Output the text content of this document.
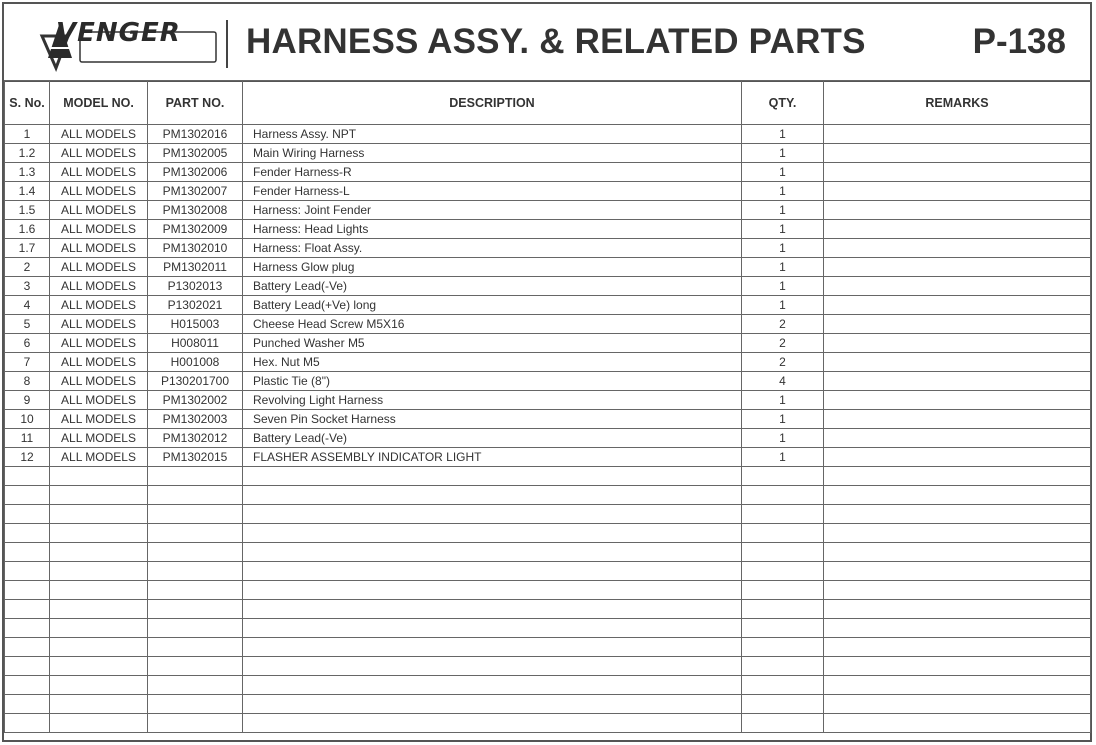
VENGER HARNESS ASSY. & RELATED PARTS	P-138
S. No.	MODEL NO.	PART NO.	DESCRIPTION	QTY.	REMARKS
1	ALL MODELS	PM1302016	Harness Assy. NPT	1	
1.2	ALL MODELS	PM1302005	Main Wiring Harness	1	
1.3	ALL MODELS	PM1302006	Fender Harness-R	1	
1.4	ALL MODELS	PM1302007	Fender Harness-L	1	
1.5	ALL MODELS	PM1302008	Harness: Joint Fender	1	
1.6	ALL MODELS	PM1302009	Harness: Head Lights	1	
1.7	ALL MODELS	PM1302010	Harness: Float Assy.	1	
2	ALL MODELS	PM1302011	Harness Glow plug	1	
3	ALL MODELS	P1302013	Battery Lead(-Ve)	1	
4	ALL MODELS	P1302021	Battery Lead(+Ve) long	1	
5	ALL MODELS	H015003	Cheese Head Screw M5X16	2	
6	ALL MODELS	H008011	Punched Washer M5	2	
7	ALL MODELS	H001008	Hex. Nut M5	2	
8	ALL MODELS	P130201700	Plastic Tie (8")	4	
9	ALL MODELS	PM1302002	Revolving Light Harness	1	
10	ALL MODELS	PM1302003	Seven Pin Socket Harness	1	
11	ALL MODELS	PM1302012	Battery Lead(-Ve)	1	
12	ALL MODELS	PM1302015	FLASHER ASSEMBLY INDICATOR LIGHT	1	
